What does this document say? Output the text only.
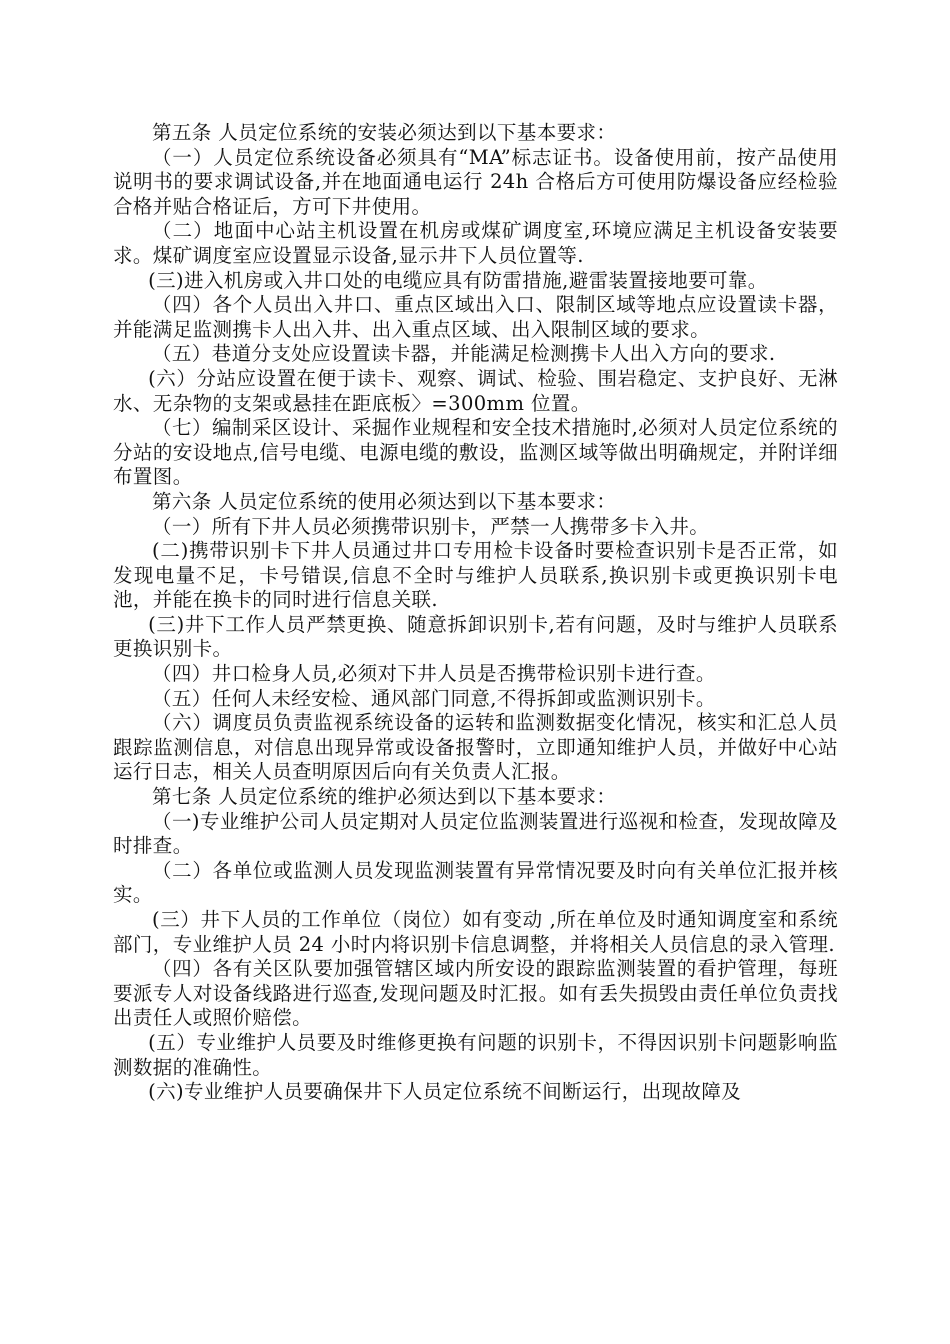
第五条 人员定位系统的安装必须达到以下基本要求：

（一）人员定位系统设备必须具有“MA”标志证书。设备使用前，按产品使用说明书的要求调试设备,并在地面通电运行 24h 合格后方可使用防爆设备应经检验合格并贴合格证后，方可下井使用。

（二）地面中心站主机设置在机房或煤矿调度室,环境应满足主机设备安装要求。煤矿调度室应设置显示设备,显示井下人员位置等.

(三)进入机房或入井口处的电缆应具有防雷措施,避雷装置接地要可靠。

（四）各个人员出入井口、重点区域出入口、限制区域等地点应设置读卡器，并能满足监测携卡人出入井、出入重点区域、出入限制区域的要求。

（五）巷道分支处应设置读卡器，并能满足检测携卡人出入方向的要求.

(六）分站应设置在便于读卡、观察、调试、检验、围岩稳定、支护良好、无淋水、无杂物的支架或悬挂在距底板〉=300mm 位置。

（七）编制采区设计、采掘作业规程和安全技术措施时,必须对人员定位系统的分站的安设地点,信号电缆、电源电缆的敷设，监测区域等做出明确规定，并附详细布置图。

第六条 人员定位系统的使用必须达到以下基本要求：

（一）所有下井人员必须携带识别卡，严禁一人携带多卡入井。

(二)携带识别卡下井人员通过井口专用检卡设备时要检查识别卡是否正常，如发现电量不足，卡号错误,信息不全时与维护人员联系,换识别卡或更换识别卡电池，并能在换卡的同时进行信息关联.

(三)井下工作人员严禁更换、随意拆卸识别卡,若有问题，及时与维护人员联系更换识别卡。

（四）井口检身人员,必须对下井人员是否携带检识别卡进行查。

（五）任何人未经安检、通风部门同意,不得拆卸或监测识别卡。

（六）调度员负责监视系统设备的运转和监测数据变化情况，核实和汇总人员跟踪监测信息，对信息出现异常或设备报警时，立即通知维护人员，并做好中心站运行日志，相关人员查明原因后向有关负责人汇报。

第七条 人员定位系统的维护必须达到以下基本要求：

（一)专业维护公司人员定期对人员定位监测装置进行巡视和检查，发现故障及时排查。

（二）各单位或监测人员发现监测装置有异常情况要及时向有关单位汇报并核实。

(三）井下人员的工作单位（岗位）如有变动 ,所在单位及时通知调度室和系统部门，专业维护人员 24 小时内将识别卡信息调整，并将相关人员信息的录入管理.

（四）各有关区队要加强管辖区域内所安设的跟踪监测装置的看护管理，每班要派专人对设备线路进行巡查,发现问题及时汇报。如有丢失损毁由责任单位负责找出责任人或照价赔偿。

(五）专业维护人员要及时维修更换有问题的识别卡，不得因识别卡问题影响监测数据的准确性。

(六)专业维护人员要确保井下人员定位系统不间断运行，出现故障及
